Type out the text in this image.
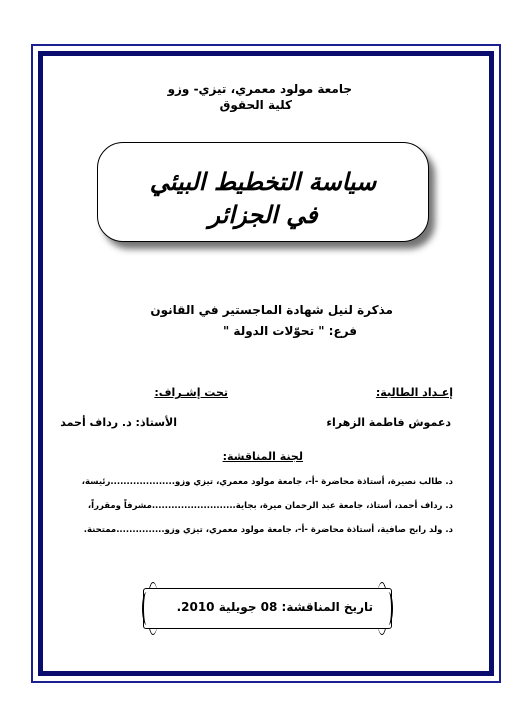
جامعة مولود معمري، تيزي- وزو
كلية الحقوق
سياسة التخطيط البيئي
في الجزائر
مذكرة لنيل شهادة الماجستير في القانون
فرع: " تحوّلات الدولة "
إعـداد الطالبة:
دعموش فاطمة الزهراء
تحت إشـراف:
الأستاذ: د. رداف أحمد
لجنة المناقشة:
د. طالب نصيرة، أستاذة محاضرة -أ-، جامعة مولود معمري، تيزي وزو....................رئيسة،
د. رداف أحمد، أستاذ، جامعة عبد الرحمان ميرة، بجاية..........................مشرفاً ومقرراً،
د. ولد رابح صافية، أستاذة محاضرة -أ-، جامعة مولود معمري، تيزي وزو...............ممتحنة.
تاريخ المناقشة: 08 جويلية 2010.
